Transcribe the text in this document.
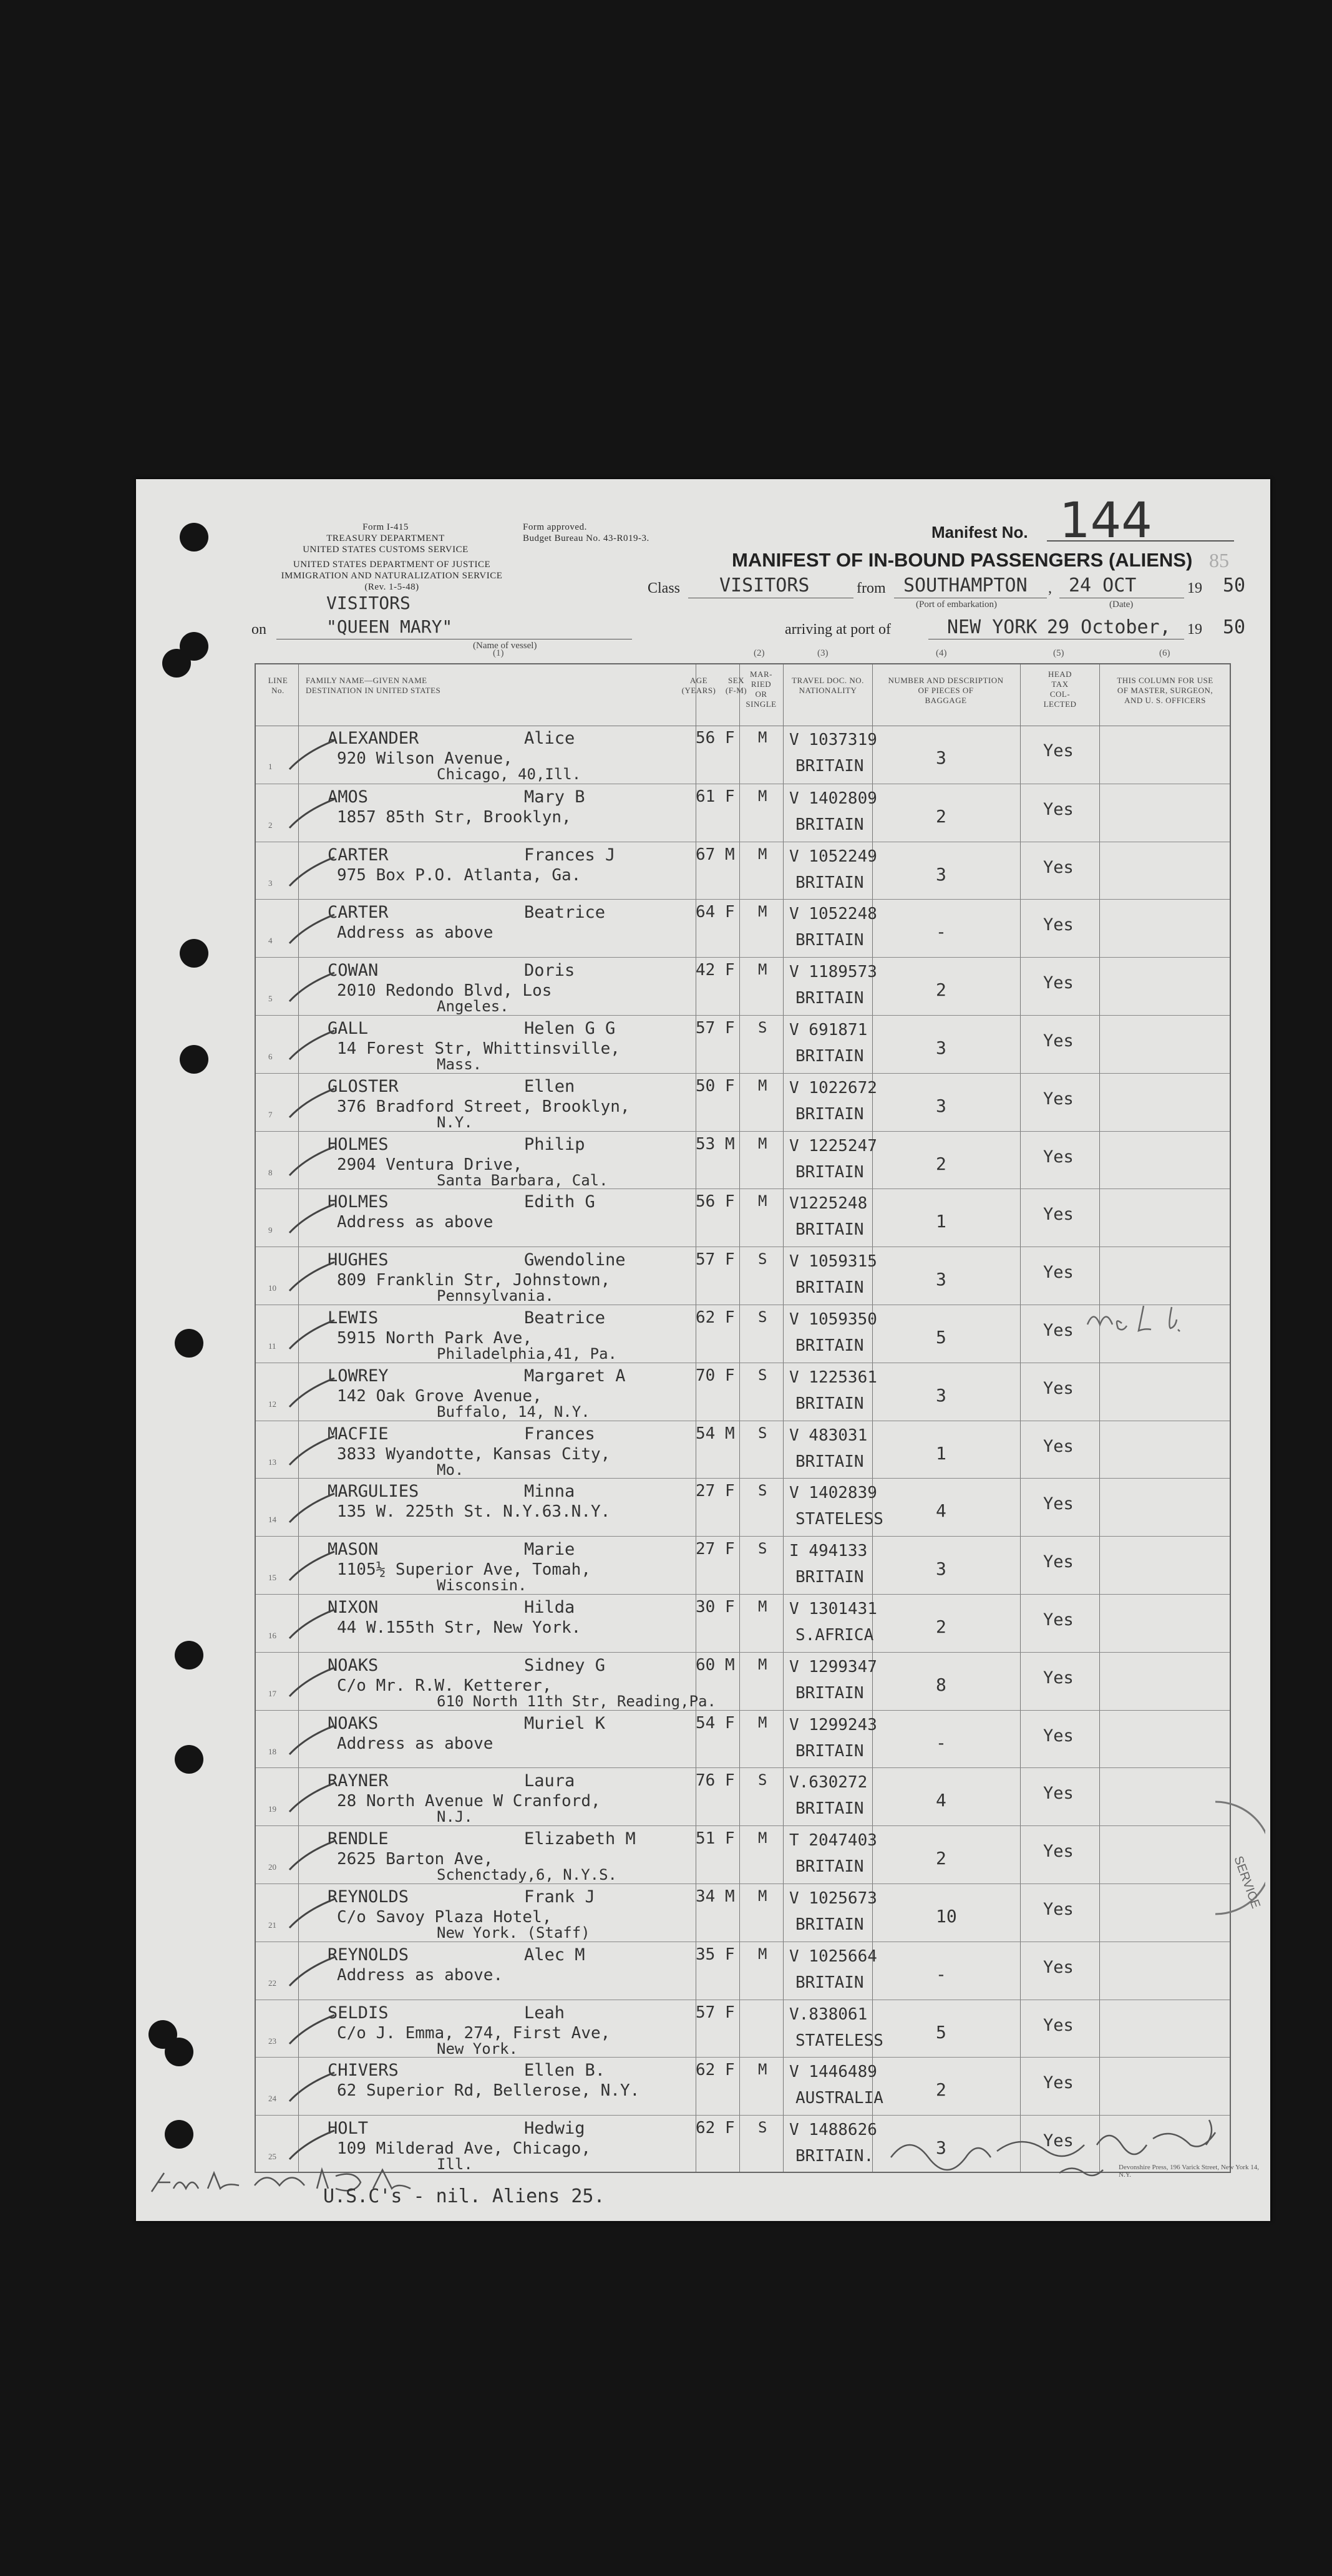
Form I-415
TREASURY DEPARTMENT
UNITED STATES CUSTOMS SERVICE
Form approved.
Budget Bureau No. 43-R019-3.
UNITED STATES DEPARTMENT OF JUSTICE
IMMIGRATION AND NATURALIZATION SERVICE
(Rev. 1-5-48)
Manifest No. 144
85
MANIFEST OF IN-BOUND PASSENGERS (ALIENS)
Class VISITORS	from SOUTHAMPTON , 24 OCT	19 50
(Port of embarkation)	(Date)
VISITORS
on	"QUEEN MARY"
(Name of vessel)
arriving at port of	NEW YORK 29 October, 19 50
LINE No.
FAMILY NAME—GIVEN NAME
DESTINATION IN UNITED STATES
(1)
AGE
(YEARS)
SEX
(F-M)
MAR-
RIED
OR
SINGLE
(2)
TRAVEL DOC. NO.
NATIONALITY
(3)
NUMBER AND DESCRIPTION
OF PIECES OF
BAGGAGE
(4)
HEAD
TAX
COL-
LECTED
(5)
THIS COLUMN FOR USE
OF MASTER, SURGEON,
AND U. S. OFFICERS
(6)
1
ALEXANDER	Alice
920 Wilson Avenue,
Chicago, 40,Ill.
56 F M V 1037319
BRITAIN	3	Yes
2
AMOS	Mary B
1857 85th Str, Brooklyn,
61 F M V 1402809
BRITAIN	2	Yes
3
CARTER	Frances J
975 Box P.O. Atlanta, Ga.
67 M M V 1052249
BRITAIN	3	Yes
4
CARTER	Beatrice
Address as above
64 F M V 1052248
BRITAIN	-	Yes
5
COWAN	Doris
2010 Redondo Blvd, Los
Angeles.
42 F M V 1189573
BRITAIN	2	Yes
6
GALL	Helen G G
14 Forest Str, Whittinsville,
Mass.
57 F S V 691871
BRITAIN	3	Yes
7
GLOSTER	Ellen
376 Bradford Street, Brooklyn,
N.Y.
50 F M V 1022672
BRITAIN	3	Yes
8
HOLMES	Philip
2904 Ventura Drive,
Santa Barbara, Cal.
53 M M V 1225247
BRITAIN	2	Yes
9
HOLMES	Edith G
Address as above
56 F M V1225248
BRITAIN	1	Yes
10
HUGHES	Gwendoline
809 Franklin Str, Johnstown,
Pennsylvania.
57 F S V 1059315
BRITAIN	3	Yes
11
LEWIS	Beatrice
5915 North Park Ave,
Philadelphia,41, Pa.
62 F S V 1059350
BRITAIN	5	Yes
12
LOWREY	Margaret A
142 Oak Grove Avenue,
Buffalo, 14, N.Y.
70 F S V 1225361
BRITAIN	3	Yes
13
MACFIE	Frances
3833 Wyandotte, Kansas City,
Mo.
54 M S V 483031
BRITAIN	1	Yes
14
MARGULIES	Minna
135 W. 225th St. N.Y.63.N.Y.
27 F S V 1402839
STATELESS	4	Yes
15
MASON	Marie
1105½ Superior Ave, Tomah,
Wisconsin.
27 F S I 494133
BRITAIN	3	Yes
16
NIXON	Hilda
44 W.155th Str, New York.
30 F M V 1301431
S.AFRICA	2	Yes
17
NOAKS	Sidney G
C/o Mr. R.W. Ketterer,
610 North 11th Str, Reading,Pa.
60 M M V 1299347
BRITAIN	8	Yes
18
NOAKS	Muriel K
Address as above
54 F M V 1299243
BRITAIN	-	Yes
19
RAYNER	Laura
28 North Avenue W Cranford,
N.J.
76 F S V.630272
BRITAIN	4	Yes
20
RENDLE	Elizabeth M
2625 Barton Ave,
Schenctady,6, N.Y.S.
51 F M T 2047403
BRITAIN	2	Yes
21
REYNOLDS	Frank J
C/o Savoy Plaza Hotel,
New York. (Staff)
34 M M V 1025673
BRITAIN	10	Yes
22
REYNOLDS	Alec M
Address as above.
35 F M V 1025664
BRITAIN	-	Yes
23
SELDIS	Leah
C/o J. Emma, 274, First Ave,
New York.
57 F	V.838061
STATELESS	5	Yes
24
CHIVERS	Ellen B.
62 Superior Rd, Bellerose, N.Y.
62 F M V 1446489
AUSTRALIA	2	Yes
25
HOLT	Hedwig
109 Milderad Ave, Chicago,
Ill.
62 F S V 1488626
BRITAIN.	3	Yes
SERVICE
U.S.C's - nil. Aliens 25.
Devonshire Press, 196 Varick Street, New York 14, N.Y.
